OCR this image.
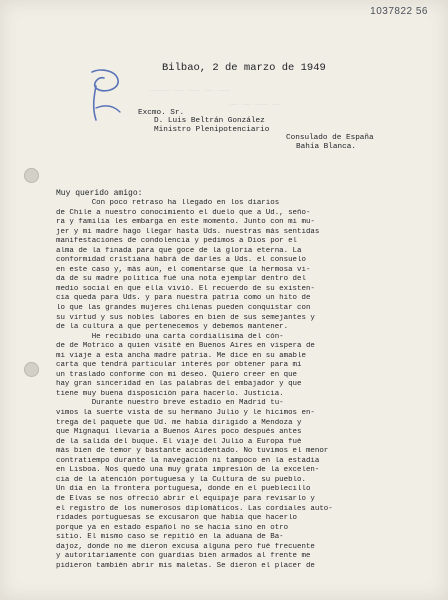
……… …… ……… …… ……………
…… ……… …… ……
1037822 56
Bilbao, 2 de marzo de 1949
Excmo. Sr.
D. Luis Beltrán González
Ministro Plenipotenciario
Consulado de España
Bahía Blanca.
Muy querido amigo:
Con poco retraso ha llegado en los diarios
de Chile a nuestro conocimiento el duelo que a Ud., seño-
ra y familia les embarga en este momento. Junto con mi mu-
jer y mi madre hago llegar hasta Uds. nuestras más sentidas
manifestaciones de condolencia y pedimos a Dios por el
alma de la finada para que goce de la gloria eterna. La
conformidad cristiana habrá de darles a Uds. el consuelo
en este caso y, más aún, el comentarse que la hermosa vi-
da de su madre política fué una nota ejemplar dentro del
medio social en que ella vivió. El recuerdo de su existen-
cia queda para Uds. y para nuestra patria como un hito de
lo que las grandes mujeres chilenas pueden conquistar con
su virtud y sus nobles labores en bien de sus semejantes y
de la cultura a que pertenecemos y debemos mantener.
He recibido una carta cordialísima del cón-
de de Motrico a quien visité en Buenos Aires en víspera de
mi viaje a esta ancha madre patria. Me dice en su amable
carta que tendrá particular interés por obtener para mí
un traslado conforme con mi deseo. Quiero creer en que
hay gran sinceridad en las palabras del embajador y que
tiene muy buena disposición para hacerlo. Justicia.
Durante nuestro breve estadío en Madrid tu-
vimos la suerte vista de su hermano Julio y le hicimos en-
trega del paquete que Ud. me había dirigido a Mendoza y
que Mignaqui llevaría a Buenos Aires poco después antes
de la salida del buque. El viaje del Julio a Europa fué
más bien de temor y bastante accidentado. No tuvimos el menor
contratiempo durante la navegación ni tampoco en la estadía
en Lisboa. Nos quedó una muy grata impresión de la excelen-
cia de la atención portuguesa y la Cultura de su pueblo.
Un día en la frontera portuguesa, donde en el pueblecillo
de Elvas se nos ofreció abrir el equipaje para revisarlo y
el registro de los numerosos diplomáticos. Las cordiales auto-
ridades portuguesas se excusaron que había que hacerlo
porque ya en estado español no se hacía sino en otro
sitio. El mismo caso se repitió en la aduana de Ba-
dajoz, donde no me dieron excusa alguna pero fué frecuente
y autoritariamente con guardias bien armados al frente me
pidieron también abrir mis maletas. Se dieron el placer de
